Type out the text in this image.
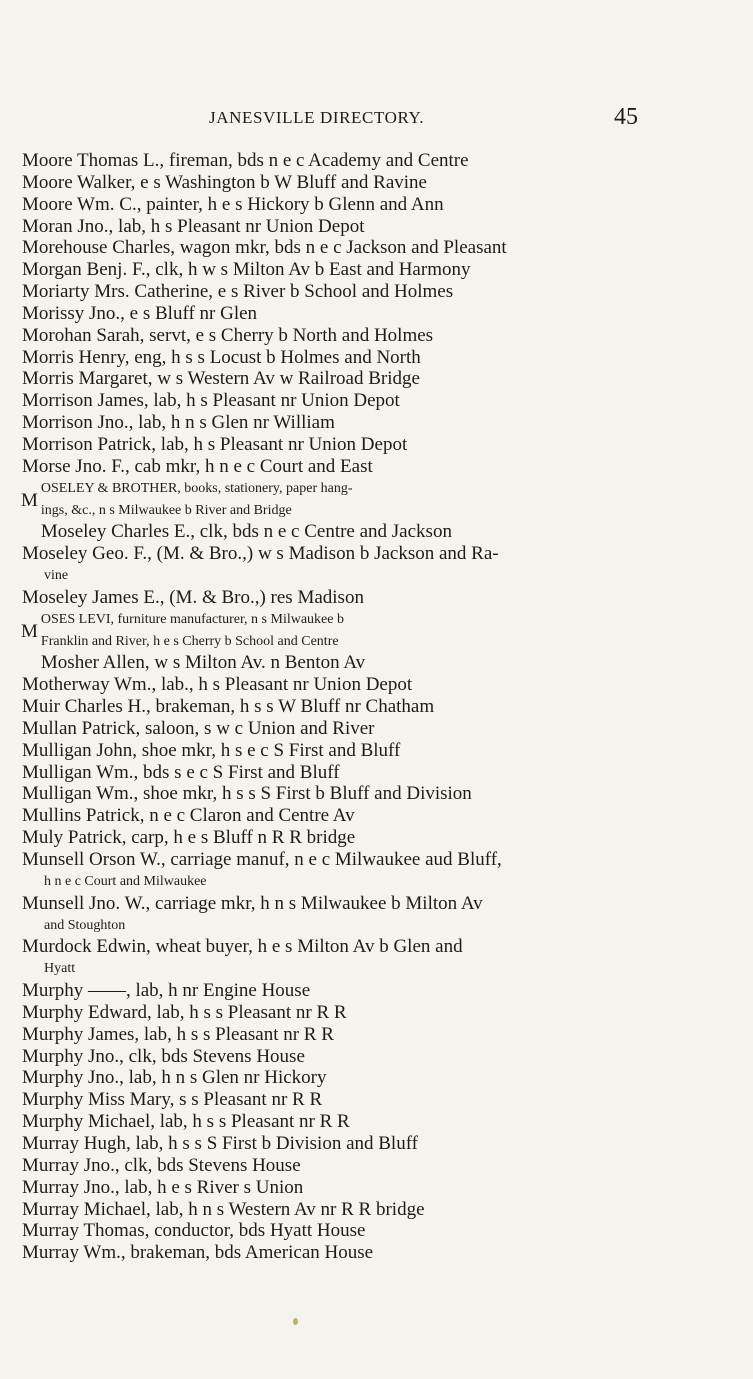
JANESVILLE DIRECTORY.	45
Moore Thomas L., fireman, bds n e c Academy and Centre
Moore Walker, e s Washington b W Bluff and Ravine
Moore Wm. C., painter, h e s Hickory b Glenn and Ann
Moran Jno., lab, h s Pleasant nr Union Depot
Morehouse Charles, wagon mkr, bds n e c Jackson and Pleasant
Morgan Benj. F., clk, h w s Milton Av b East and Harmony
Moriarty Mrs. Catherine, e s River b School and Holmes
Morissy Jno., e s Bluff nr Glen
Morohan Sarah, servt, e s Cherry b North and Holmes
Morris Henry, eng, h s s Locust b Holmes and North
Morris Margaret, w s Western Av w Railroad Bridge
Morrison James, lab, h s Pleasant nr Union Depot
Morrison Jno., lab, h n s Glen nr William
Morrison Patrick, lab, h s Pleasant nr Union Depot
Morse Jno. F., cab mkr, h n e c Court and East
M
OSELEY & BROTHER, books, stationery, paper hang-
ings, &c., n s Milwaukee b River and Bridge
Moseley Charles E., clk, bds n e c Centre and Jackson
Moseley Geo. F., (M. & Bro.,) w s Madison b Jackson and Ra-
vine
Moseley James E., (M. & Bro.,) res Madison
M
OSES LEVI, furniture manufacturer, n s Milwaukee b
Franklin and River, h e s Cherry b School and Centre
Mosher Allen, w s Milton Av. n Benton Av
Motherway Wm., lab., h s Pleasant nr Union Depot
Muir Charles H., brakeman, h s s W Bluff nr Chatham
Mullan Patrick, saloon, s w c Union and River
Mulligan John, shoe mkr, h s e c S First and Bluff
Mulligan Wm., bds s e c S First and Bluff
Mulligan Wm., shoe mkr, h s s S First b Bluff and Division
Mullins Patrick, n e c Claron and Centre Av
Muly Patrick, carp, h e s Bluff n R R bridge
Munsell Orson W., carriage manuf, n e c Milwaukee aud Bluff,
h n e c Court and Milwaukee
Munsell Jno. W., carriage mkr, h n s Milwaukee b Milton Av
and Stoughton
Murdock Edwin, wheat buyer, h e s Milton Av b Glen and
Hyatt
Murphy ——, lab, h nr Engine House
Murphy Edward, lab, h s s Pleasant nr R R
Murphy James, lab, h s s Pleasant nr R R
Murphy Jno., clk, bds Stevens House
Murphy Jno., lab, h n s Glen nr Hickory
Murphy Miss Mary, s s Pleasant nr R R
Murphy Michael, lab, h s s Pleasant nr R R
Murray Hugh, lab, h s s S First b Division and Bluff
Murray Jno., clk, bds Stevens House
Murray Jno., lab, h e s River s Union
Murray Michael, lab, h n s Western Av nr R R bridge
Murray Thomas, conductor, bds Hyatt House
Murray Wm., brakeman, bds American House
